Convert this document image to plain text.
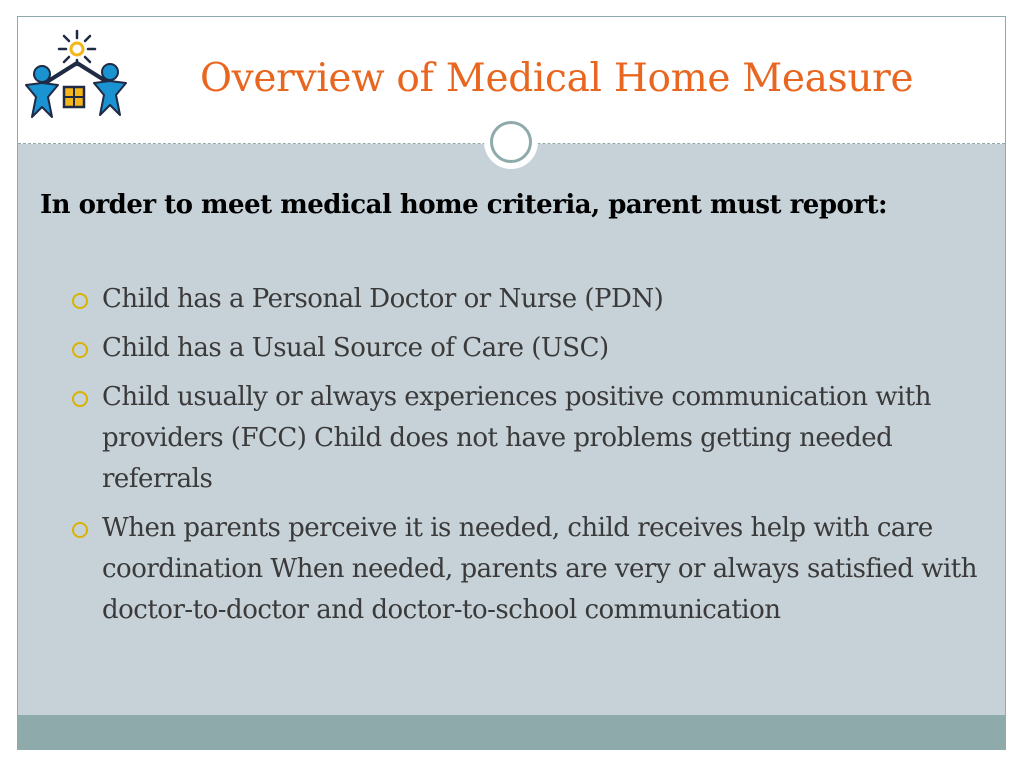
Overview of Medical Home Measure

In order to meet medical home criteria, parent must report:

Child has a Personal Doctor or Nurse (PDN)
Child has a Usual Source of Care (USC)
Child usually or always experiences positive communication with providers (FCC) Child does not have problems getting needed referrals
When parents perceive it is needed, child receives help with care coordination When needed, parents are very or always satisfied with doctor-to-doctor and doctor-to-school communication
